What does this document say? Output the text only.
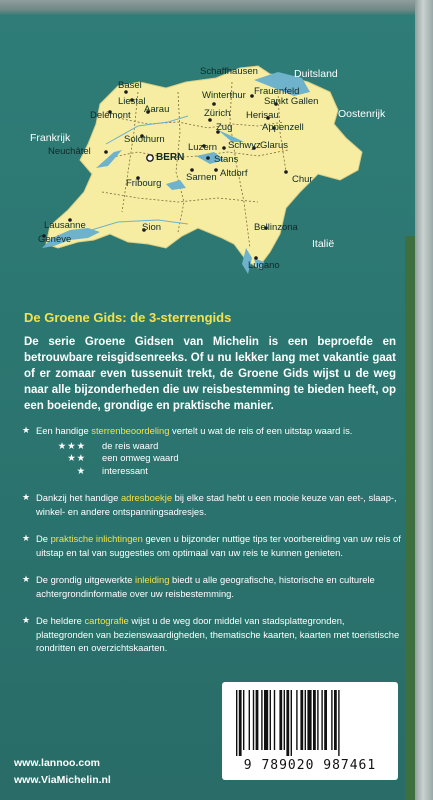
Schaffhausen
Basel
Liestal
Delémont
Aarau
Winterthur Frauenfeld
Sankt Gallen
Zürich Herisau
Appenzell
Solothurn
Zug
Neuchâtel	Luzern Schwyz Glarus
BERN	Stans
Fribourg
Sarnen Altdorf
Chur
Lausanne	Sion	Bellinzona
Genève
Lugano
Duitsland
Oostenrijk
Frankrijk
Italië
De Groene Gids: de 3-sterrengids
De serie Groene Gidsen van Michelin is een beproefde en betrouwbare reisgidsenreeks. Of u nu lekker lang met vakantie gaat of er zomaar even tussenuit trekt, de Groene Gids wijst u de weg naar alle bijzonderheden die uw reisbestemming te bieden heeft, op een boeiende, grondige en praktische manier.
★ Een handige sterrenbeoordeling vertelt u wat de reis of een uitstap waard is.
★★★	de reis waard
★★	een omweg waard
★	interessant
★ Dankzij het handige adresboekje bij elke stad hebt u een mooie keuze van eet-, slaap-, winkel- en andere ontspanningsadresjes.
★ De praktische inlichtingen geven u bijzonder nuttige tips ter voorbereiding van uw reis of uitstap en tal van suggesties om optimaal van uw reis te kunnen genieten.
★ De grondig uitgewerkte inleiding biedt u alle geografische, historische en culturele achtergrondinformatie over uw reisbestemming.
★ De heldere cartografie wijst u de weg door middel van stadsplattegronden, plattegronden van bezienswaardigheden, thematische kaarten, kaarten met toeristische rondritten en overzichtskaarten.
www.lannoo.com
www.ViaMichelin.nl
9 789020 987461
